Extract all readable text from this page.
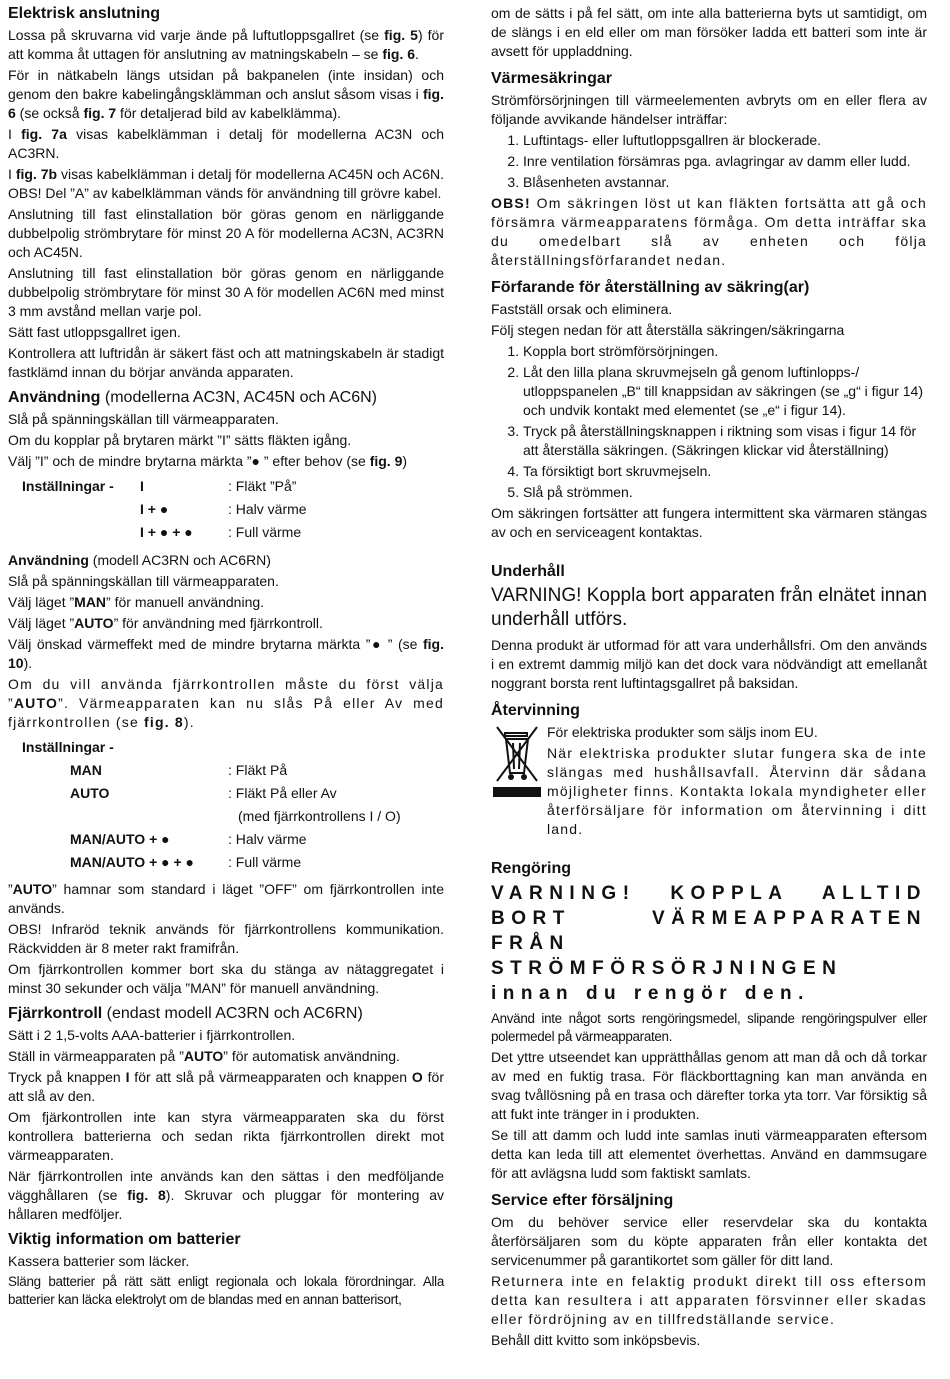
Elektrisk anslutning

Lossa på skruvarna vid varje ände på luftutloppsgallret (se fig. 5) för att komma åt uttagen för anslutning av matningskabeln – se fig. 6.

För in nätkabeln längs utsidan på bakpanelen (inte insidan) och genom den bakre kabelingångsklämman och anslut såsom visas i fig. 6 (se också fig. 7 för detaljerad bild av kabelklämma).

I fig. 7a visas kabelklämman i detalj för modellerna AC3N och AC3RN.

I fig. 7b visas kabelklämman i detalj för modellerna AC45N och AC6N. OBS! Del ”A” av kabelklämman vänds för användning till grövre kabel.

Anslutning till fast elinstallation bör göras genom en närliggande dubbelpolig strömbrytare för minst 20 A för modellerna AC3N, AC3RN och AC45N.

Anslutning till fast elinstallation bör göras genom en närliggande dubbelpolig strömbrytare för minst 30 A för modellen AC6N med minst 3 mm avstånd mellan varje pol.

Sätt fast utloppsgallret igen.

Kontrollera att luftridån är säkert fäst och att matningskabeln är stadigt fastklämd innan du börjar använda apparaten.

Användning (modellerna AC3N, AC45N och AC6N)

Slå på spänningskällan till värmeapparaten.

Om du kopplar på brytaren märkt ”I” sätts fläkten igång.

Välj ”I” och de mindre brytarna märkta ”● ” efter behov (se fig. 9)

Inställningar -	I	: Fläkt ”På”
	I + ●	: Halv värme
	I + ● + ●	: Full värme
Användning (modell AC3RN och AC6RN)

Slå på spänningskällan till värmeapparaten.

Välj läget ”MAN” för manuell användning.

Välj läget ”AUTO” för användning med fjärrkontroll.

Välj önskad värmeffekt med de mindre brytarna märkta ”● ” (se fig. 10).

Om du vill använda fjärrkontrollen måste du först välja ”AUTO”. Värmeapparaten kan nu slås På eller Av med fjärrkontrollen (se fig. 8).

Inställningar -		
	MAN	: Fläkt På
	AUTO	: Fläkt På eller Av
		(med fjärrkontrollens I / O)
	MAN/AUTO + ●	: Halv värme
	MAN/AUTO + ● + ●	: Full värme

”AUTO” hamnar som standard i läget ”OFF” om fjärrkontrollen inte används.

OBS! Infraröd teknik används för fjärrkontrollens kommunikation. Räckvidden är 8 meter rakt framifrån.

Om fjärrkontrollen kommer bort ska du stänga av nätaggregatet i minst 30 sekunder och välja ”MAN” för manuell användning.

Fjärrkontroll (endast modell AC3RN och AC6RN)

Sätt i 2 1,5-volts AAA-batterier i fjärrkontrollen.

Ställ in värmeapparaten på ”AUTO” för automatisk användning.

Tryck på knappen I för att slå på värmeapparaten och knappen O för att slå av den.

Om fjärkontrollen inte kan styra värmeapparaten ska du först kontrollera batterierna och sedan rikta fjärrkontrollen direkt mot värmeapparaten.

När fjärrkontrollen inte används kan den sättas i den medföljande vägghållaren (se fig. 8). Skruvar och pluggar för montering av hållaren medföljer.

Viktig information om batterier

Kassera batterier som läcker.

Släng batterier på rätt sätt enligt regionala och lokala förordningar. Alla batterier kan läcka elektrolyt om de blandas med en annan batterisort,

om de sätts i på fel sätt, om inte alla batterierna byts ut samtidigt, om de slängs i en eld eller om man försöker ladda ett batteri som inte är avsett för uppladdning.

Värmesäkringar

Strömförsörjningen till värmeelementen avbryts om en eller flera av följande avvikande händelser inträffar:

1. Luftintags- eller luftutloppsgallren är blockerade.
2. Inre ventilation försämras pga. avlagringar av damm eller ludd.
3. Blåsenheten avstannar.

OBS! Om säkringen löst ut kan fläkten fortsätta att gå och försämra värmeapparatens förmåga. Om detta inträffar ska du omedelbart slå av enheten och följa återställningsförfarandet nedan.

Förfarande för återställning av säkring(ar)

Fastställ orsak och eliminera.

Följ stegen nedan för att återställa säkringen/säkringarna

1. Koppla bort strömförsörjningen.
2. Låt den lilla plana skruvmejseln gå genom luftinlopps-/ utloppspanelen „B“ till knappsidan av säkringen (se „g“ i figur 14) och undvik kontakt med elementet (se „e“ i figur 14).
3. Tryck på återställningsknappen i riktning som visas i figur 14 för att återställa säkringen. (Säkringen klickar vid återställning)
4. Ta försiktigt bort skruvmejseln.
5. Slå på strömmen.

Om säkringen fortsätter att fungera intermittent ska värmaren stängas av och en serviceagent kontaktas.

Underhåll

VARNING! Koppla bort apparaten från elnätet innan underhåll utförs.

Denna produkt är utformad för att vara underhållsfri. Om den används i en extremt dammig miljö kan det dock vara nödvändigt att emellanåt noggrant borsta rent luftintagsgallret på baksidan.

Återvinning

För elektriska produkter som säljs inom EU.

När elektriska produkter slutar fungera ska de inte slängas med hushållsavfall. Återvinn där sådana möjligheter finns. Kontakta lokala myndigheter eller återförsäljare för information om återvinning i ditt land.

Rengöring

VARNING! KOPPLA ALLTID BORT VÄRMEAPPARATEN FRÅN STRÖMFÖRSÖRJNINGEN innan du rengör den.

Använd inte något sorts rengöringsmedel, slipande rengöringspulver eller polermedel på värmeapparaten.

Det yttre utseendet kan upprätthållas genom att man då och då torkar av med en fuktig trasa. För fläckborttagning kan man använda en svag tvållösning på en trasa och därefter torka yta torr. Var försiktig så att fukt inte tränger in i produkten.

Se till att damm och ludd inte samlas inuti värmeapparaten eftersom detta kan leda till att elementet överhettas. Använd en dammsugare för att avlägsna ludd som faktiskt samlats.

Service efter försäljning

Om du behöver service eller reservdelar ska du kontakta återförsäljaren som du köpte apparaten från eller kontakta det servicenummer på garantikortet som gäller för ditt land.

Returnera inte en felaktig produkt direkt till oss eftersom detta kan resultera i att apparaten försvinner eller skadas eller fördröjning av en tillfredställande service.

Behåll ditt kvitto som inköpsbevis.
